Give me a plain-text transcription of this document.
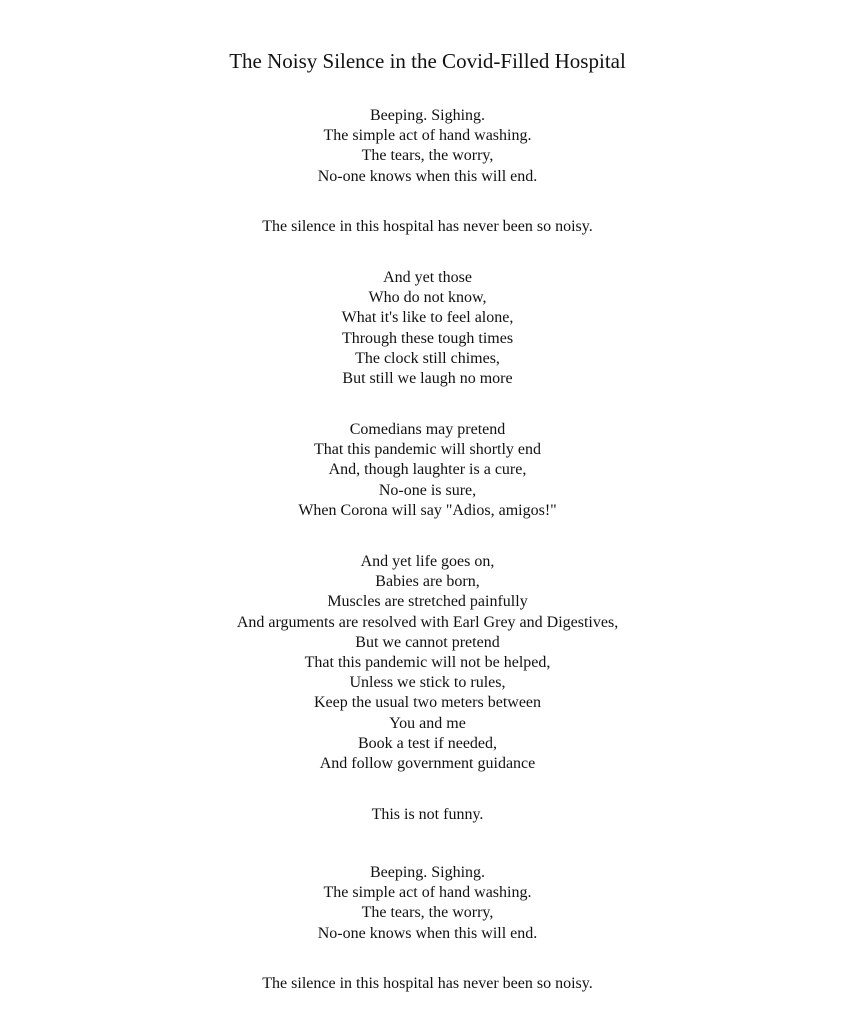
The Noisy Silence in the Covid-Filled Hospital
Beeping. Sighing.
The simple act of hand washing.
The tears, the worry,
No-one knows when this will end.
The silence in this hospital has never been so noisy.
And yet those
Who do not know,
What it's like to feel alone,
Through these tough times
The clock still chimes,
But still we laugh no more
Comedians may pretend
That this pandemic will shortly end
And, though laughter is a cure,
No-one is sure,
When Corona will say "Adios, amigos!"
And yet life goes on,
Babies are born,
Muscles are stretched painfully
And arguments are resolved with Earl Grey and Digestives,
But we cannot pretend
That this pandemic will not be helped,
Unless we stick to rules,
Keep the usual two meters between
You and me
Book a test if needed,
And follow government guidance
This is not funny.
Beeping. Sighing.
The simple act of hand washing.
The tears, the worry,
No-one knows when this will end.
The silence in this hospital has never been so noisy.
